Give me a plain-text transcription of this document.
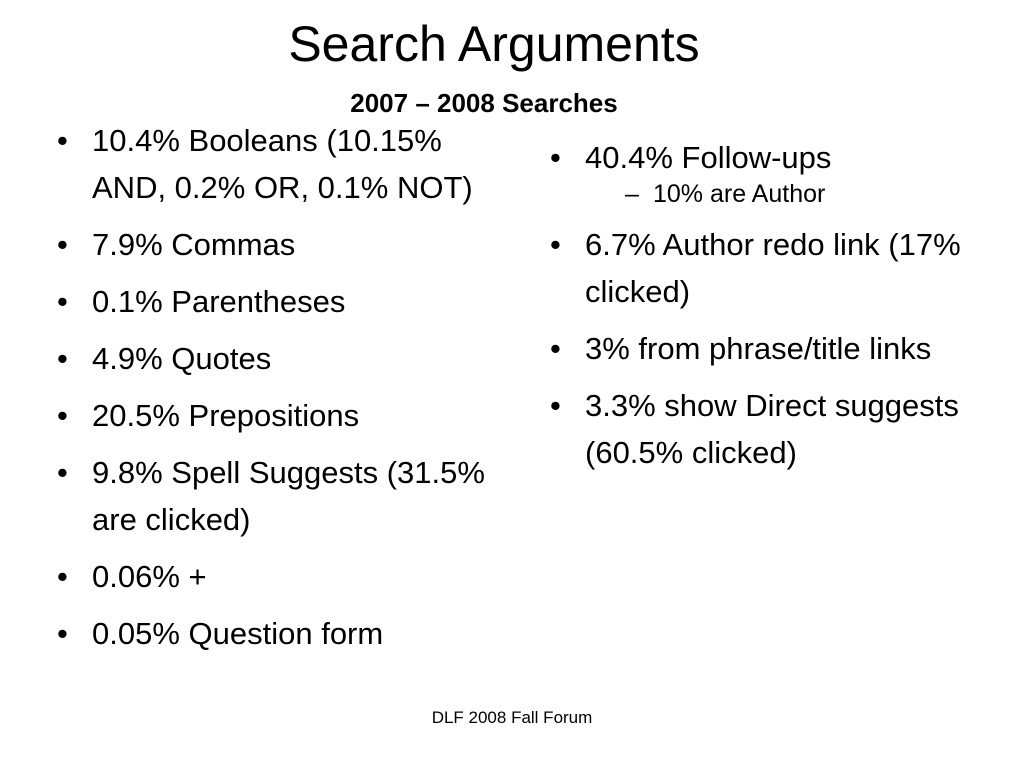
Search Arguments
2007 – 2008 Searches
• 10.4% Booleans (10.15% AND, 0.2% OR, 0.1% NOT)
• 7.9% Commas
• 0.1% Parentheses
• 4.9% Quotes
• 20.5% Prepositions
• 9.8% Spell Suggests (31.5% are clicked)
• 0.06% +
• 0.05% Question form
• 40.4% Follow-ups
– 10% are Author
• 6.7% Author redo link (17% clicked)
• 3% from phrase/title links
• 3.3% show Direct suggests (60.5% clicked)
DLF 2008 Fall Forum
